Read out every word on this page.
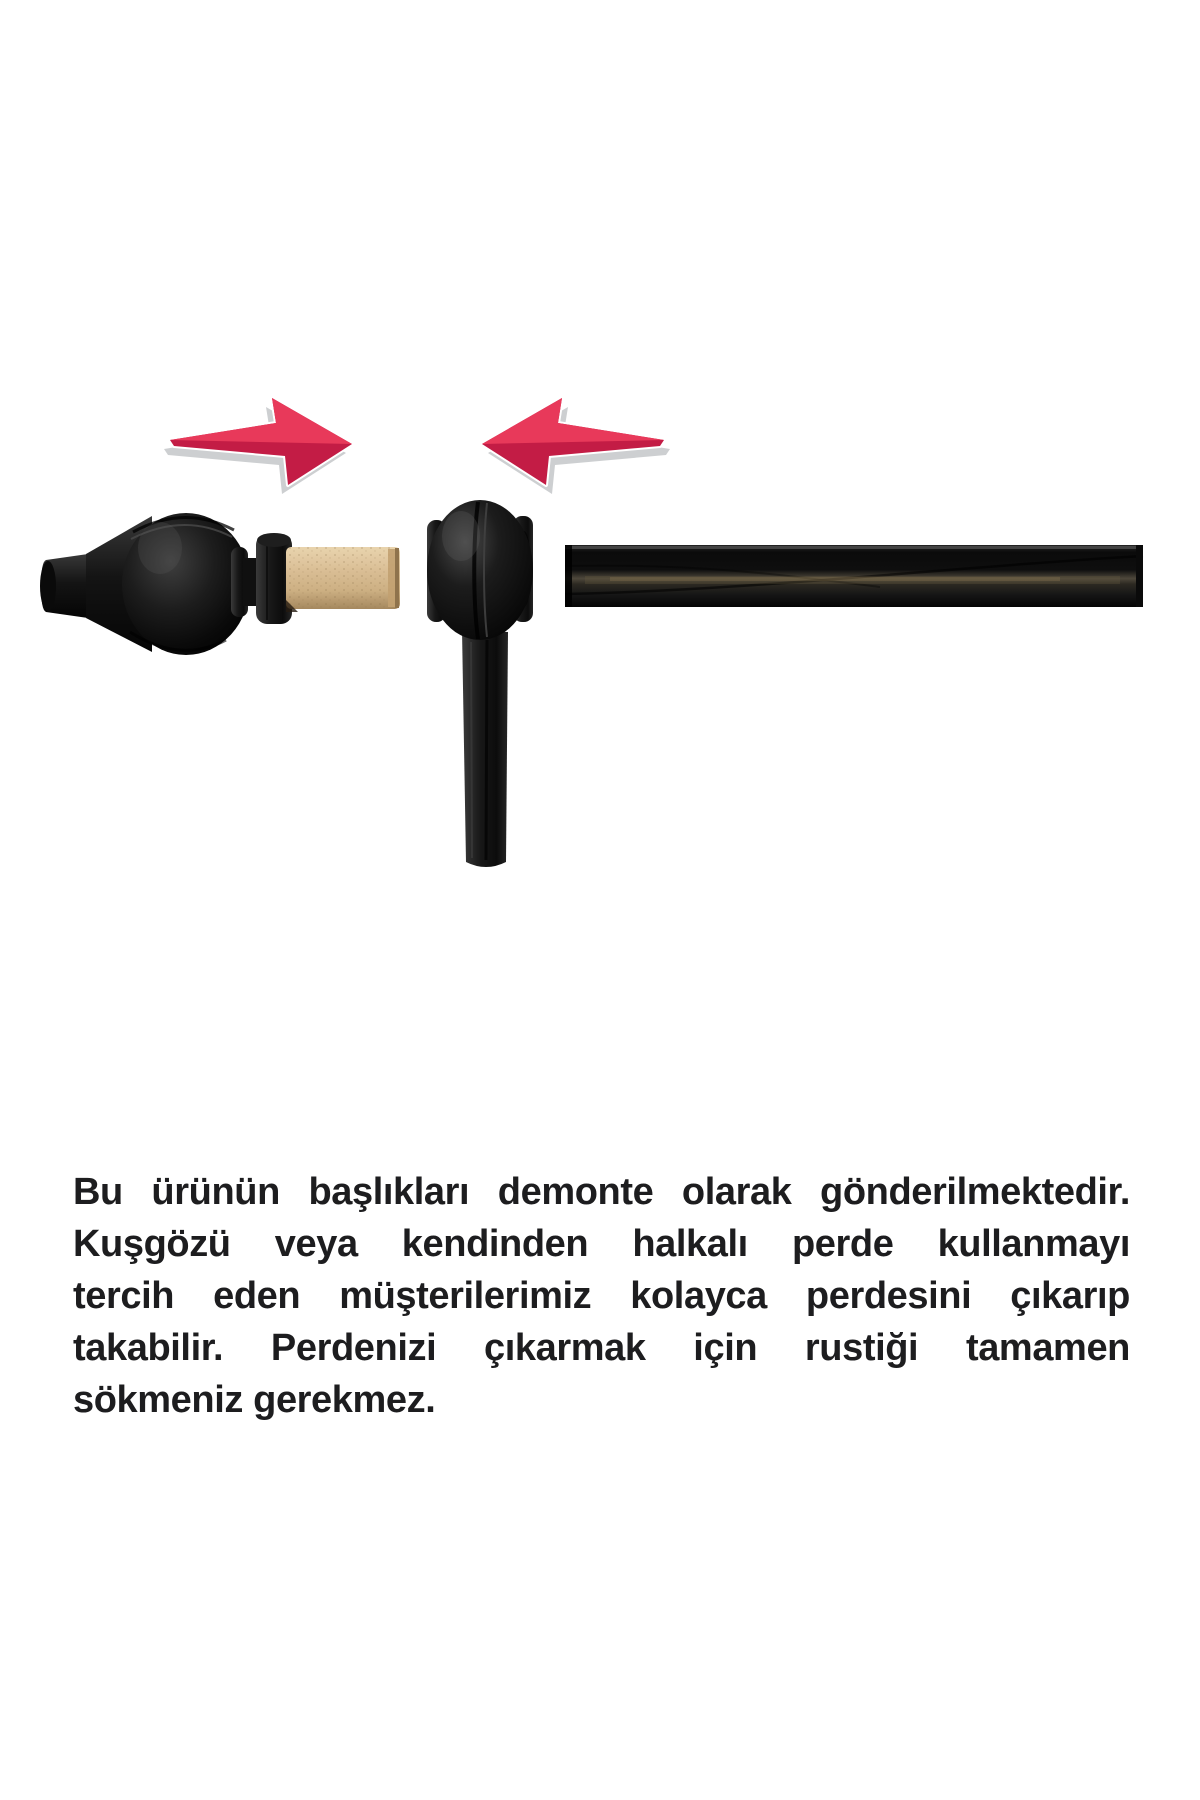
Bu ürünün başlıkları demonte olarak gönderilmektedir.

Kuşgözü veya kendinden halkalı perde kullanmayı

tercih eden müşterilerimiz kolayca perdesini çıkarıp

takabilir. Perdenizi çıkarmak için rustiği tamamen

sökmeniz gerekmez.
